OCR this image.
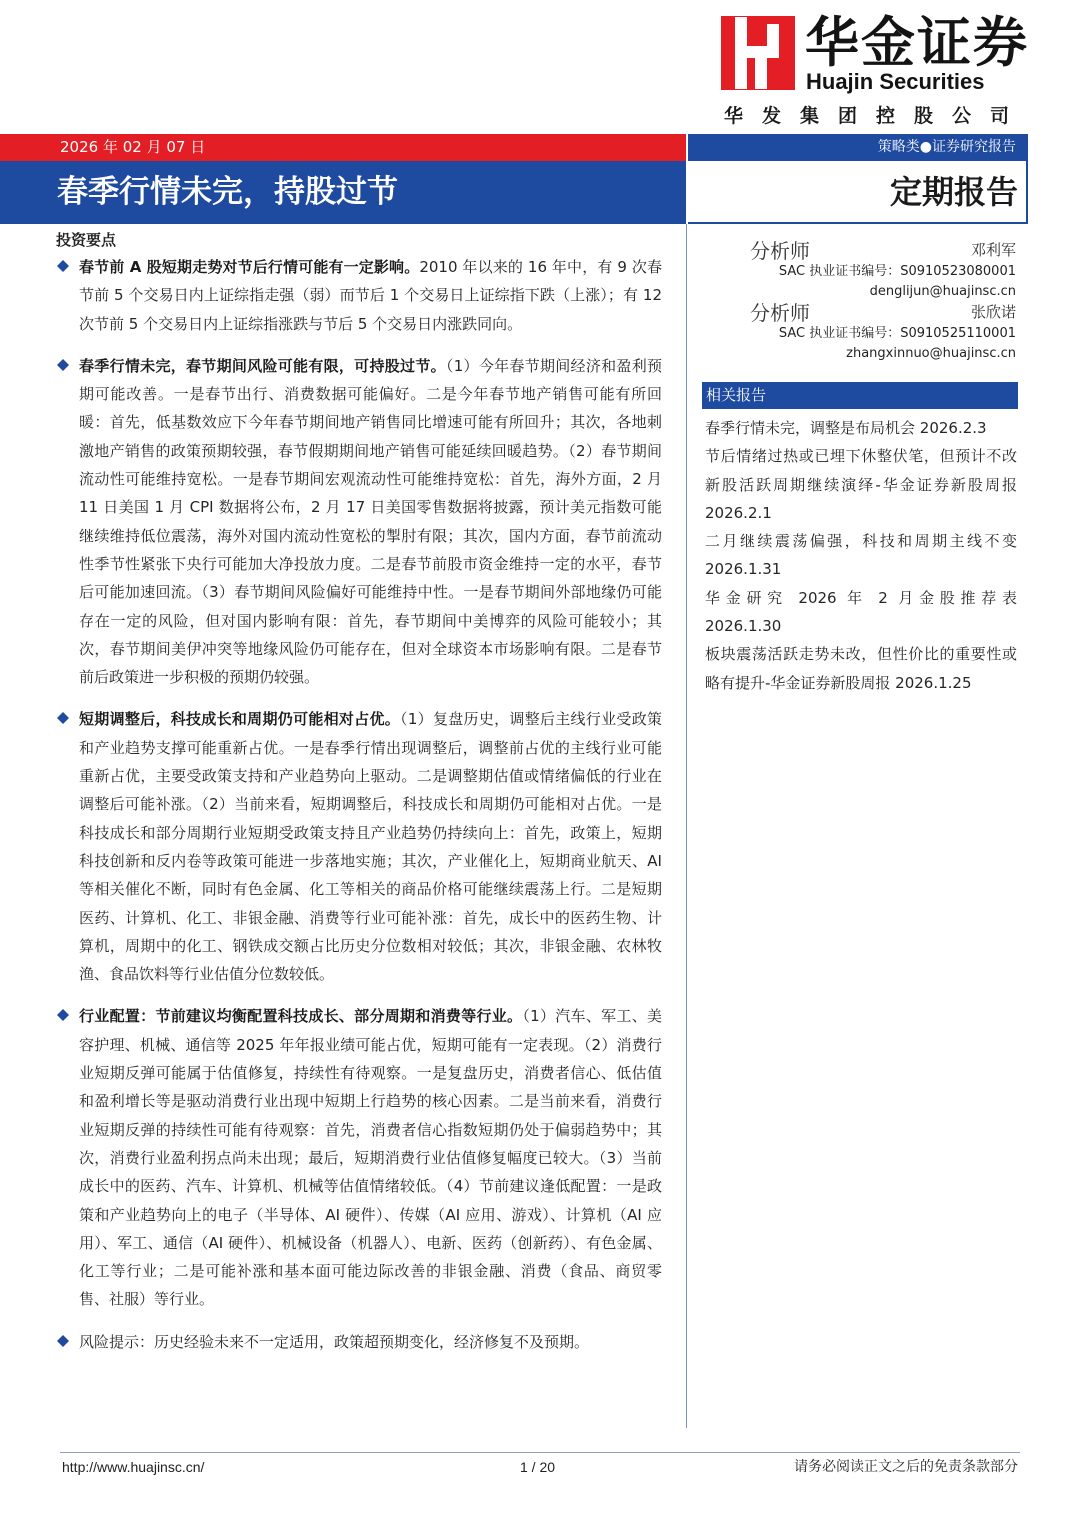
华金证券
Huajin Securities
华发集团控股公司
2026 年 02 月 07 日
春季行情未完，持股过节
策略类●证券研究报告
定期报告
投资要点
春节前 A 股短期走势对节后行情可能有一定影响。2010 年以来的 16 年中，有 9 次春节前 5 个交易日内上证综指走强（弱）而节后 1 个交易日上证综指下跌（上涨）；有 12 次节前 5 个交易日内上证综指涨跌与节后 5 个交易日内涨跌同向。
春季行情未完，春节期间风险可能有限，可持股过节。（1）今年春节期间经济和盈利预期可能改善。一是春节出行、消费数据可能偏好。二是今年春节地产销售可能有所回暖：首先，低基数效应下今年春节期间地产销售同比增速可能有所回升；其次，各地刺激地产销售的政策预期较强，春节假期期间地产销售可能延续回暖趋势。（2）春节期间流动性可能维持宽松。一是春节期间宏观流动性可能维持宽松：首先，海外方面，2 月 11 日美国 1 月 CPI 数据将公布，2 月 17 日美国零售数据将披露，预计美元指数可能继续维持低位震荡，海外对国内流动性宽松的掣肘有限；其次，国内方面，春节前流动性季节性紧张下央行可能加大净投放力度。二是春节前股市资金维持一定的水平，春节后可能加速回流。（3）春节期间风险偏好可能维持中性。一是春节期间外部地缘仍可能存在一定的风险，但对国内影响有限：首先，春节期间中美博弈的风险可能较小；其次，春节期间美伊冲突等地缘风险仍可能存在，但对全球资本市场影响有限。二是春节前后政策进一步积极的预期仍较强。
短期调整后，科技成长和周期仍可能相对占优。（1）复盘历史，调整后主线行业受政策和产业趋势支撑可能重新占优。一是春季行情出现调整后，调整前占优的主线行业可能重新占优，主要受政策支持和产业趋势向上驱动。二是调整期估值或情绪偏低的行业在调整后可能补涨。（2）当前来看，短期调整后，科技成长和周期仍可能相对占优。一是科技成长和部分周期行业短期受政策支持且产业趋势仍持续向上：首先，政策上，短期科技创新和反内卷等政策可能进一步落地实施；其次，产业催化上，短期商业航天、AI 等相关催化不断，同时有色金属、化工等相关的商品价格可能继续震荡上行。二是短期医药、计算机、化工、非银金融、消费等行业可能补涨：首先，成长中的医药生物、计算机，周期中的化工、钢铁成交额占比历史分位数相对较低；其次，非银金融、农林牧渔、食品饮料等行业估值分位数较低。
行业配置：节前建议均衡配置科技成长、部分周期和消费等行业。（1）汽车、军工、美容护理、机械、通信等 2025 年年报业绩可能占优，短期可能有一定表现。（2）消费行业短期反弹可能属于估值修复，持续性有待观察。一是复盘历史，消费者信心、低估值和盈利增长等是驱动消费行业出现中短期上行趋势的核心因素。二是当前来看，消费行业短期反弹的持续性可能有待观察：首先，消费者信心指数短期仍处于偏弱趋势中；其次，消费行业盈利拐点尚未出现；最后，短期消费行业估值修复幅度已较大。（3）当前成长中的医药、汽车、计算机、机械等估值情绪较低。（4）节前建议逢低配置：一是政策和产业趋势向上的电子（半导体、AI 硬件）、传媒（AI 应用、游戏）、计算机（AI 应用）、军工、通信（AI 硬件）、机械设备（机器人）、电新、医药（创新药）、有色金属、化工等行业；二是可能补涨和基本面可能边际改善的非银金融、消费（食品、商贸零售、社服）等行业。
风险提示：历史经验未来不一定适用，政策超预期变化，经济修复不及预期。
分析师	邓利军
SAC 执业证书编号：S0910523080001
denglijun@huajinsc.cn
分析师	张欣诺
SAC 执业证书编号：S0910525110001
zhangxinnuo@huajinsc.cn
相关报告
春季行情未完，调整是布局机会 2026.2.3
节后情绪过热或已埋下休整伏笔，但预计不改新股活跃周期继续演绎-华金证券新股周报 2026.2.1
二月继续震荡偏强，科技和周期主线不变 2026.1.31
华金研究 2026 年 2 月金股推荐表 2026.1.30
板块震荡活跃走势未改，但性价比的重要性或略有提升-华金证券新股周报 2026.1.25
http://www.huajinsc.cn/	1 / 20	请务必阅读正文之后的免责条款部分
